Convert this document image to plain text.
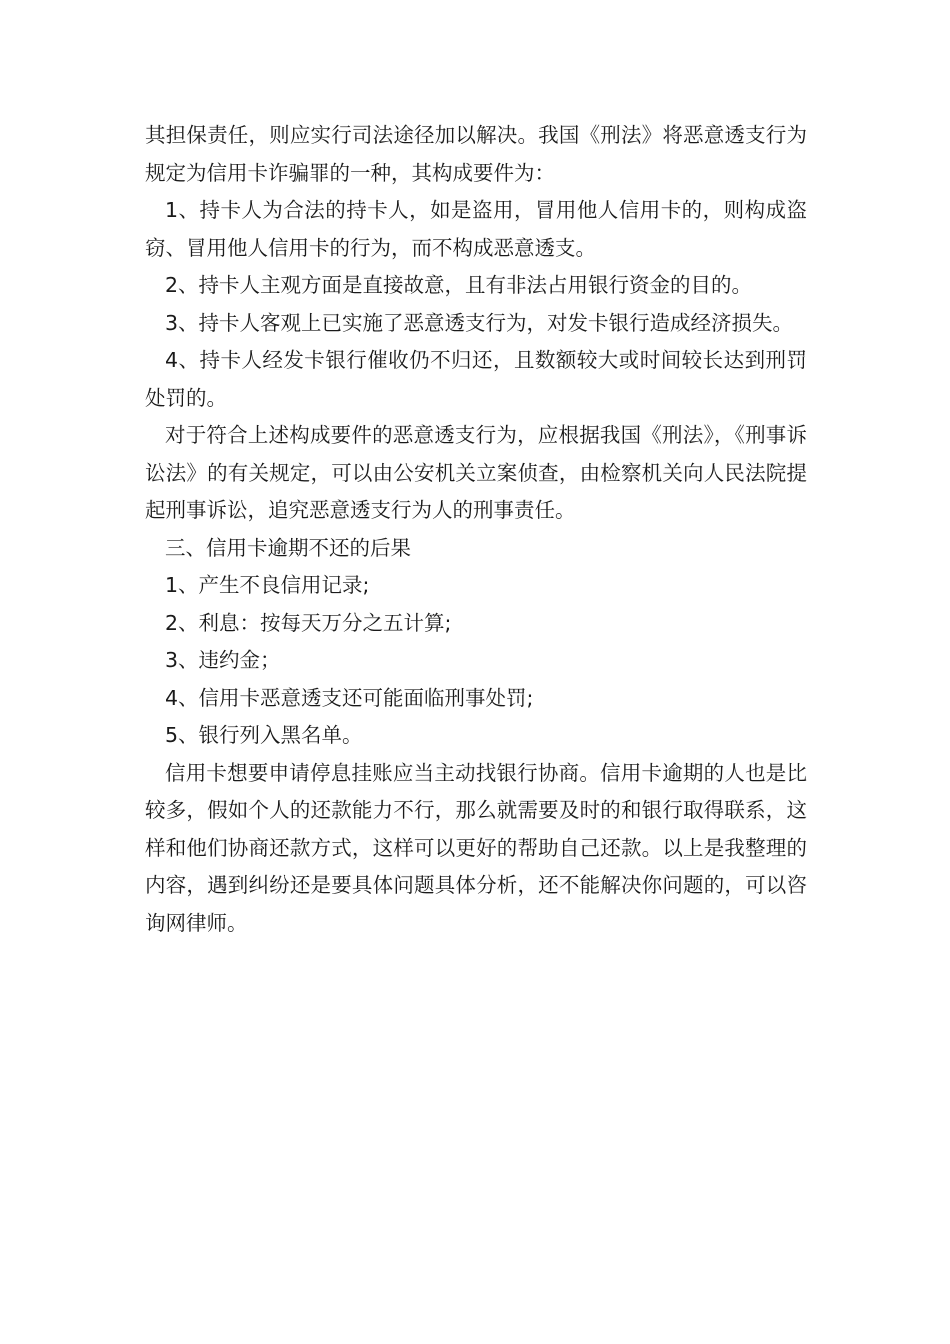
其担保责任，则应实行司法途径加以解决。我国《刑法》将恶意透支行为规定为信用卡诈骗罪的一种，其构成要件为：

1、持卡人为合法的持卡人，如是盗用，冒用他人信用卡的，则构成盗窃、冒用他人信用卡的行为，而不构成恶意透支。

2、持卡人主观方面是直接故意，且有非法占用银行资金的目的。

3、持卡人客观上已实施了恶意透支行为，对发卡银行造成经济损失。

4、持卡人经发卡银行催收仍不归还，且数额较大或时间较长达到刑罚处罚的。

对于符合上述构成要件的恶意透支行为，应根据我国《刑法》，《刑事诉讼法》的有关规定，可以由公安机关立案侦查，由检察机关向人民法院提起刑事诉讼，追究恶意透支行为人的刑事责任。

三、信用卡逾期不还的后果

1、产生不良信用记录;

2、利息：按每天万分之五计算;

3、违约金；

4、信用卡恶意透支还可能面临刑事处罚;

5、银行列入黑名单。

信用卡想要申请停息挂账应当主动找银行协商。信用卡逾期的人也是比较多，假如个人的还款能力不行，那么就需要及时的和银行取得联系，这样和他们协商还款方式，这样可以更好的帮助自己还款。以上是我整理的内容，遇到纠纷还是要具体问题具体分析，还不能解决你问题的，可以咨询网律师。
